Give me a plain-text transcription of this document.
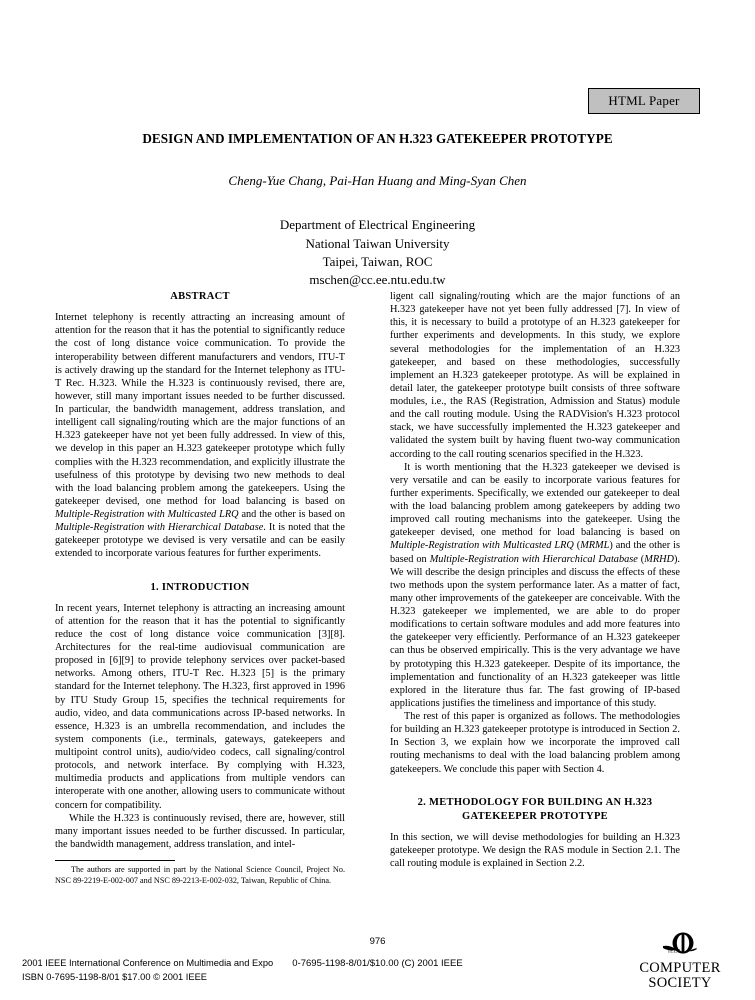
HTML Paper
DESIGN AND IMPLEMENTATION OF AN H.323 GATEKEEPER PROTOTYPE
Cheng-Yue Chang, Pai-Han Huang and Ming-Syan Chen
Department of Electrical Engineering
National Taiwan University
Taipei, Taiwan, ROC
mschen@cc.ee.ntu.edu.tw
ABSTRACT

Internet telephony is recently attracting an increasing amount of attention for the reason that it has the potential to significantly reduce the cost of long distance voice communication. To provide the interoperability between different manufacturers and vendors, ITU-T is actively drawing up the standard for the Internet telephony as ITU-T Rec. H.323. While the H.323 is continuously revised, there are, however, still many important issues needed to be further discussed. In particular, the bandwidth management, address translation, and intelligent call signaling/routing which are the major functions of an H.323 gatekeeper have not yet been fully addressed. In view of this, we develop in this paper an H.323 gatekeeper prototype which fully complies with the H.323 recommendation, and explicitly illustrate the usefulness of this prototype by devising two new methods to deal with the load balancing problem among the gatekeepers. Using the gatekeeper devised, one method for load balancing is based on Multiple-Registration with Multicasted LRQ and the other is based on Multiple-Registration with Hierarchical Database. It is noted that the gatekeeper prototype we devised is very versatile and can be easily extended to incorporate various features for further experiments.

1. INTRODUCTION

In recent years, Internet telephony is attracting an increasing amount of attention for the reason that it has the potential to significantly reduce the cost of long distance voice communication [3][8]. Architectures for the real-time audiovisual communication are proposed in [6][9] to provide telephony services over packet-based networks. Among others, ITU-T Rec. H.323 [5] is the primary standard for the Internet telephony. The H.323, first approved in 1996 by ITU Study Group 15, specifies the technical requirements for audio, video, and data communications across IP-based networks. In essence, H.323 is an umbrella recommendation, and includes the system components (i.e., terminals, gateways, gatekeepers and multipoint control units), audio/video codecs, call signaling/control protocols, and network interface. By complying with H.323, multimedia products and applications from multiple vendors can interoperate with one another, allowing users to communicate without concern for compatibility.

While the H.323 is continuously revised, there are, however, still many important issues needed to be further discussed. In particular, the bandwidth management, address translation, and intel-

The authors are supported in part by the National Science Council, Project No. NSC 89-2219-E-002-007 and NSC 89-2213-E-002-032, Taiwan, Republic of China.

ligent call signaling/routing which are the major functions of an H.323 gatekeeper have not yet been fully addressed [7]. In view of this, it is necessary to build a prototype of an H.323 gatekeeper for further experiments and developments. In this study, we explore several methodologies for the implementation of an H.323 gatekeeper, and based on these methodologies, successfully implement an H.323 gatekeeper prototype. As will be explained in detail later, the gatekeeper prototype built consists of three software modules, i.e., the RAS (Registration, Admission and Status) module and the call routing module. Using the RADVision's H.323 protocol stack, we have successfully implemented the H.323 gatekeeper and validated the system built by having fluent two-way communication according to the call routing scenarios specified in the H.323.

It is worth mentioning that the H.323 gatekeeper we devised is very versatile and can be easily to incorporate various features for further experiments. Specifically, we extended our gatekeeper to deal with the load balancing problem among gatekeepers by adding two improved call routing mechanisms into the gatekeeper. Using the gatekeeper devised, one method for load balancing is based on Multiple-Registration with Multicasted LRQ (MRML) and the other is based on Multiple-Registration with Hierarchical Database (MRHD). We will describe the design principles and discuss the effects of these two methods upon the system performance later. As a matter of fact, many other improvements of the gatekeeper are conceivable. With the H.323 gatekeeper we implemented, we are able to do proper modifications to certain software modules and add more features into the gatekeeper very efficiently. Performance of an H.323 gatekeeper can thus be observed empirically. This is the very advantage we have by prototyping this H.323 gatekeeper. Despite of its importance, the implementation and functionality of an H.323 gatekeeper was little explored in the literature thus far. The fast growing of IP-based applications justifies the timeliness and importance of this study.

The rest of this paper is organized as follows. The methodologies for building an H.323 gatekeeper prototype is introduced in Section 2. In Section 3, we explain how we incorporate the improved call routing mechanisms to deal with the load balancing problem among gatekeepers. We conclude this paper with Section 4.

2. METHODOLOGY FOR BUILDING AN H.323
GATEKEEPER PROTOTYPE

In this section, we will devise methodologies for building an H.323 gatekeeper prototype. We design the RAS module in Section 2.1. The call routing module is explained in Section 2.2.

976
2001 IEEE International Conference on Multimedia and Expo
ISBN 0-7695-1198-8/01 $17.00 © 2001 IEEE
0-7695-1198-8/01/$10.00 (C) 2001 IEEE
IEEE
COMPUTER
SOCIETY
